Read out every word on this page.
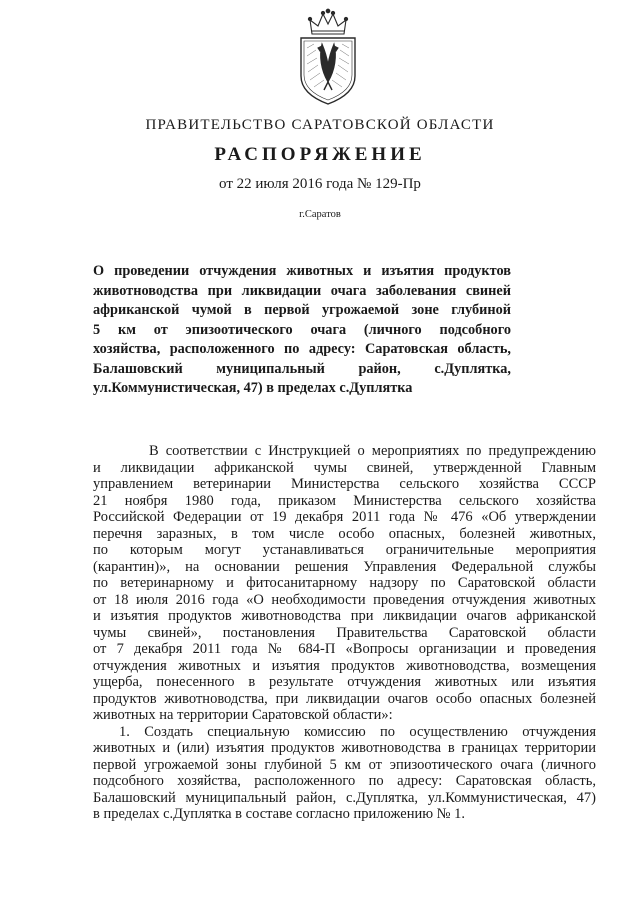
ПРАВИТЕЛЬСТВО САРАТОВСКОЙ ОБЛАСТИ
РАСПОРЯЖЕНИЕ
от 22 июля 2016 года № 129-Пр
г.Саратов
О проведении отчуждения животных и изъятия продуктов
животноводства при ликвидации очага заболевания свиней
африканской чумой в первой угрожаемой зоне глубиной
5 км от эпизоотического очага (личного подсобного
хозяйства, расположенного по адресу: Саратовская область,
Балашовский муниципальный район, с.Дуплятка,
ул.Коммунистическая, 47) в пределах с.Дуплятка
В соответствии с Инструкцией о мероприятиях по предупреждению
и ликвидации африканской чумы свиней, утвержденной Главным
управлением ветеринарии Министерства сельского хозяйства СССР
21 ноября 1980 года, приказом Министерства сельского хозяйства
Российской Федерации от 19 декабря 2011 года № 476 «Об утверждении
перечня заразных, в том числе особо опасных, болезней животных,
по которым могут устанавливаться ограничительные мероприятия
(карантин)», на основании решения Управления Федеральной службы
по ветеринарному и фитосанитарному надзору по Саратовской области
от 18 июля 2016 года «О необходимости проведения отчуждения животных
и изъятия продуктов животноводства при ликвидации очагов африканской
чумы свиней», постановления Правительства Саратовской области
от 7 декабря 2011 года № 684-П «Вопросы организации и проведения
отчуждения животных и изъятия продуктов животноводства, возмещения
ущерба, понесенного в результате отчуждения животных или изъятия
продуктов животноводства, при ликвидации очагов особо опасных болезней
животных на территории Саратовской области»:
1. Создать специальную комиссию по осуществлению отчуждения
животных и (или) изъятия продуктов животноводства в границах территории
первой угрожаемой зоны глубиной 5 км от эпизоотического очага (личного
подсобного хозяйства, расположенного по адресу: Саратовская область,
Балашовский муниципальный район, с.Дуплятка, ул.Коммунистическая, 47)
в пределах с.Дуплятка в составе согласно приложению № 1.
